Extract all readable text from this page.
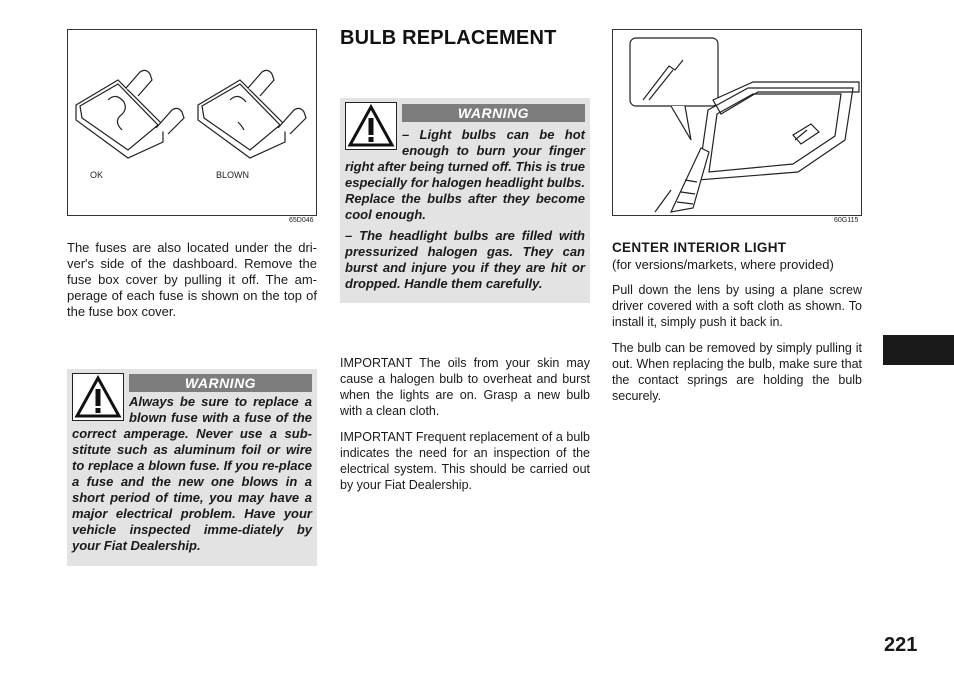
OK	BLOWN
65D046

The fuses are also located under the dri-ver's side of the dashboard. Remove the fuse box cover by pulling it off. The am-perage of each fuse is shown on the top of the fuse box cover.

WARNING

Always be sure to replace a blown fuse with a fuse of the correct amperage. Never use a sub-stitute such as aluminum foil or wire to replace a blown fuse. If you re-place a fuse and the new one blows in a short period of time, you may have a major electrical problem. Have your vehicle inspected imme-diately by your Fiat Dealership.

BULB REPLACEMENT
WARNING

– Light bulbs can be hot enough to burn your finger right after being turned off. This is true especially for halogen headlight bulbs. Replace the bulbs after they become cool enough.

– The headlight bulbs are filled with pressurized halogen gas. They can burst and injure you if they are hit or dropped. Handle them carefully.

IMPORTANT The oils from your skin may cause a halogen bulb to overheat and burst when the lights are on. Grasp a new bulb with a clean cloth.

IMPORTANT Frequent replacement of a bulb indicates the need for an inspection of the electrical system. This should be carried out by your Fiat Dealership.

60G115
CENTER INTERIOR LIGHT
(for versions/markets, where provided)

Pull down the lens by using a plane screw driver covered with a soft cloth as shown. To install it, simply push it back in.

The bulb can be removed by simply pulling it out. When replacing the bulb, make sure that the contact springs are holding the bulb securely.

221
